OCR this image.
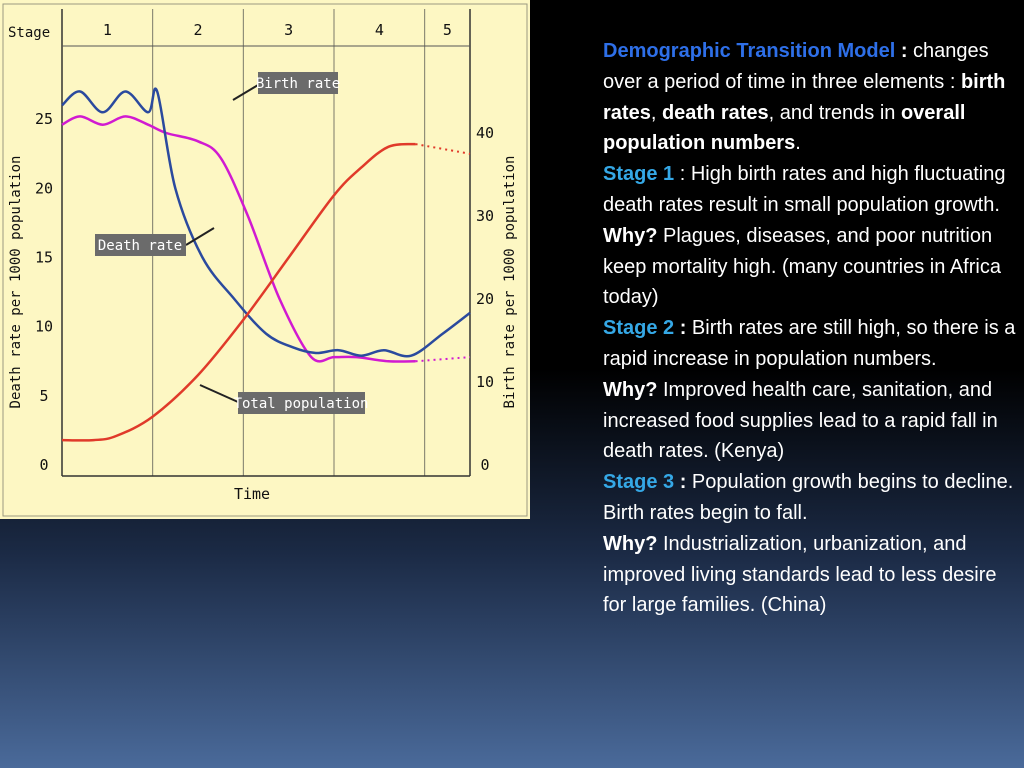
Stage	1	2	3	4	5
0
5
10
15
20
25
0
10
20
30
40
Death rate per 1000 population	Birth rate per 1000 population
Time
Birth rate
Death rate
Total population

Demographic Transition Model : changes over a period of time in three elements : birth rates, death rates, and trends in overall population numbers.

Stage 1 : High birth rates and high fluctuating death rates result in small population growth.

Why? Plagues, diseases, and poor nutrition keep mortality high. (many countries in Africa today)

Stage 2 : Birth rates are still high, so there is a rapid increase in population numbers.

Why? Improved health care, sanitation, and increased food supplies lead to a rapid fall in death rates. (Kenya)

Stage 3 : Population growth begins to decline. Birth rates begin to fall.

Why? Industrialization, urbanization, and improved living standards lead to less desire for large families. (China)
